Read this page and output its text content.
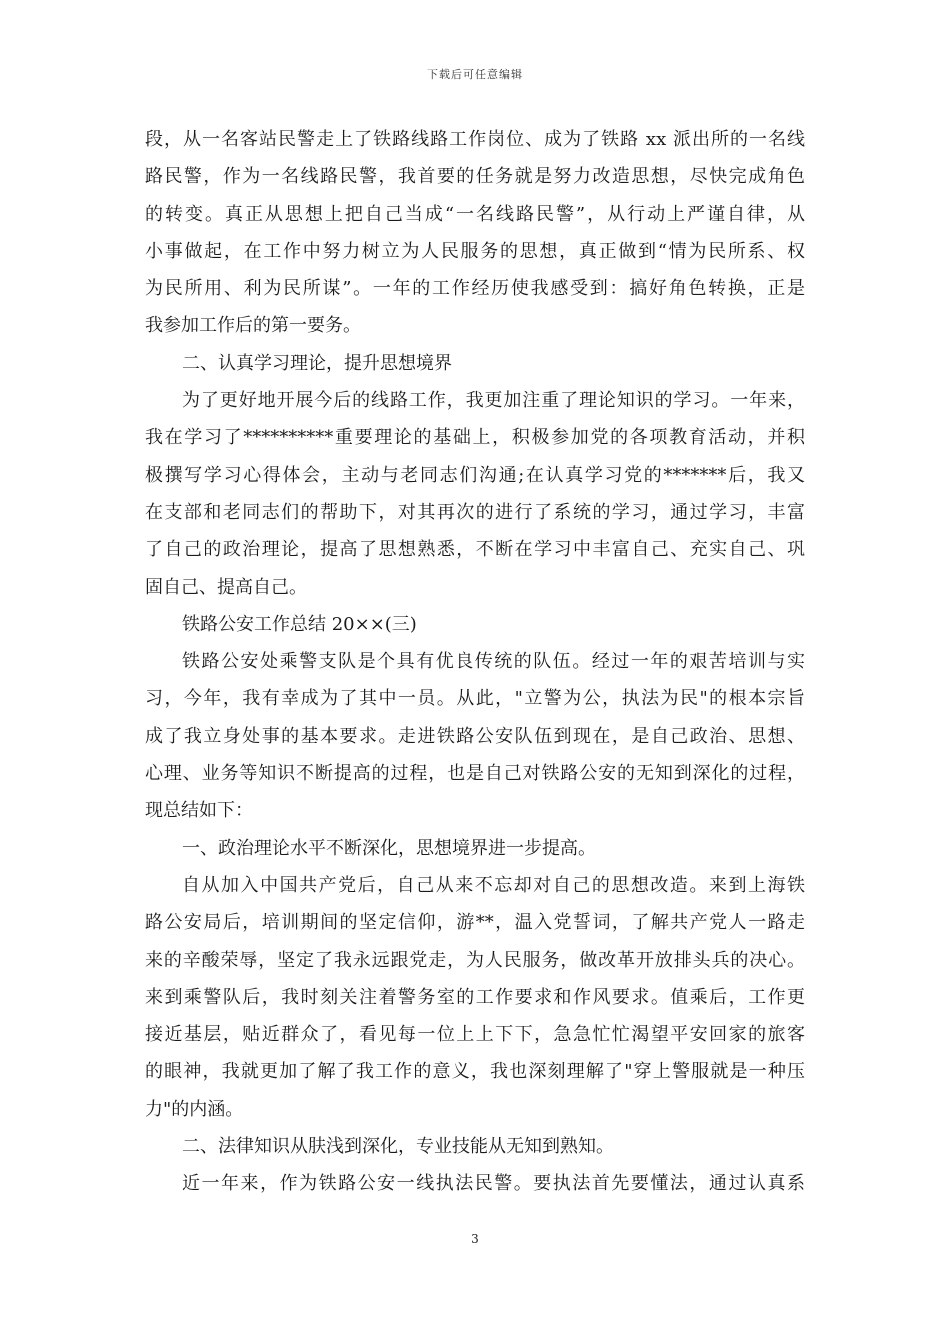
下载后可任意编辑
段，从一名客站民警走上了铁路线路工作岗位、成为了铁路 xx 派出所的一名线
路民警，作为一名线路民警，我首要的任务就是努力改造思想，尽快完成角色
的转变。真正从思想上把自己当成“一名线路民警”，从行动上严谨自律，从
小事做起，在工作中努力树立为人民服务的思想，真正做到“情为民所系、权
为民所用、利为民所谋”。一年的工作经历使我感受到：搞好角色转换，正是
我参加工作后的第一要务。
二、认真学习理论，提升思想境界
为了更好地开展今后的线路工作，我更加注重了理论知识的学习。一年来，
我在学习了**********重要理论的基础上，积极参加党的各项教育活动，并积
极撰写学习心得体会，主动与老同志们沟通;在认真学习党的*******后，我又
在支部和老同志们的帮助下，对其再次的进行了系统的学习，通过学习，丰富
了自己的政治理论，提高了思想熟悉，不断在学习中丰富自己、充实自己、巩
固自己、提高自己。
铁路公安工作总结 20××(三)
铁路公安处乘警支队是个具有优良传统的队伍。经过一年的艰苦培训与实
习，今年，我有幸成为了其中一员。从此，"立警为公，执法为民"的根本宗旨
成了我立身处事的基本要求。走进铁路公安队伍到现在，是自己政治、思想、
心理、业务等知识不断提高的过程，也是自己对铁路公安的无知到深化的过程，
现总结如下：
一、政治理论水平不断深化，思想境界进一步提高。
自从加入中国共产党后，自己从来不忘却对自己的思想改造。来到上海铁
路公安局后，培训期间的坚定信仰，游**，温入党誓词，了解共产党人一路走
来的辛酸荣辱，坚定了我永远跟党走，为人民服务，做改革开放排头兵的决心。
来到乘警队后，我时刻关注着警务室的工作要求和作风要求。值乘后，工作更
接近基层，贴近群众了，看见每一位上上下下，急急忙忙渴望平安回家的旅客
的眼神，我就更加了解了我工作的意义，我也深刻理解了"穿上警服就是一种压
力"的内涵。
二、法律知识从肤浅到深化，专业技能从无知到熟知。
近一年来，作为铁路公安一线执法民警。要执法首先要懂法，通过认真系
3
